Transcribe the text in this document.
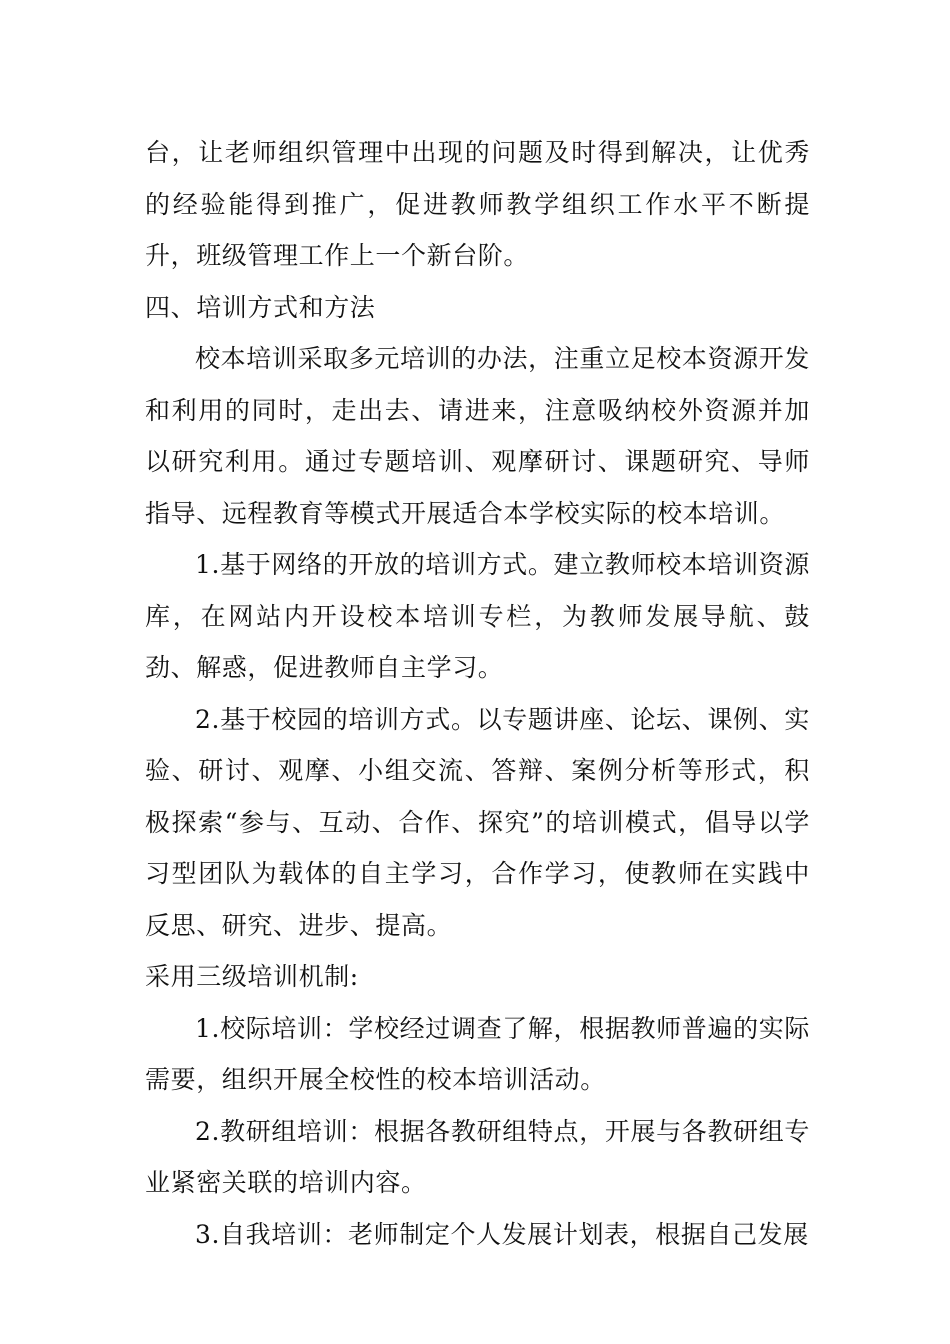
台，让老师组织管理中出现的问题及时得到解决，让优秀的经验能得到推广，促进教师教学组织工作水平不断提升，班级管理工作上一个新台阶。

四、培训方式和方法

校本培训采取多元培训的办法，注重立足校本资源开发和利用的同时，走出去、请进来，注意吸纳校外资源并加以研究利用。通过专题培训、观摩研讨、课题研究、导师指导、远程教育等模式开展适合本学校实际的校本培训。

1.基于网络的开放的培训方式。建立教师校本培训资源库，在网站内开设校本培训专栏，为教师发展导航、鼓劲、解惑，促进教师自主学习。

2.基于校园的培训方式。以专题讲座、论坛、课例、实验、研讨、观摩、小组交流、答辩、案例分析等形式，积极探索“参与、互动、合作、探究”的培训模式，倡导以学习型团队为载体的自主学习，合作学习，使教师在实践中反思、研究、进步、提高。

采用三级培训机制:

1.校际培训：学校经过调查了解，根据教师普遍的实际需要，组织开展全校性的校本培训活动。

2.教研组培训：根据各教研组特点，开展与各教研组专业紧密关联的培训内容。

3.自我培训：老师制定个人发展计划表，根据自己发展
